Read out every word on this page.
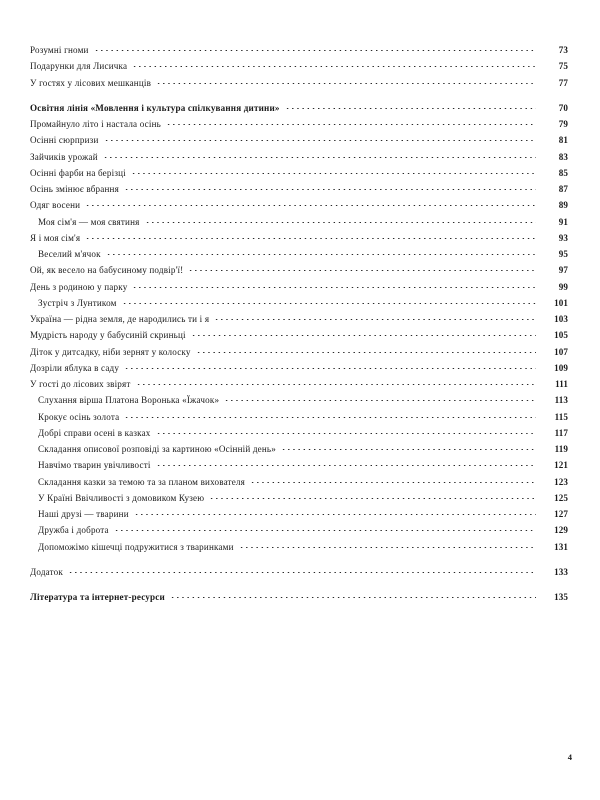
Розумні гноми	73
Подарунки для Лисичка	75
У гостях у лісових мешканців	77
Освітня лінія «Мовлення і культура спілкування дитини»	70
Промайнуло літо і настала осінь	79
Осінні сюрпризи	81
Зайчиків урожай	83
Осінні фарби на берізці	85
Осінь змінює вбрання	87
Одяг восени	89
Моя сім'я — моя святиня	91
Я і моя сім'я	93
Веселий м'ячок	95
Ой, як весело на бабусиному подвір'ї!	97
День з родиною у парку	99
Зустріч з Лунтиком	101
Україна — рідна земля, де народились ти і я	103
Мудрість народу у бабусиній скриньці	105
Діток у дитсадку, ніби зернят у колоску	107
Дозріли яблука в саду	109
У гості до лісових звірят	111
Слухання вірша Платона Воронька «Їжачок»	113
Крокує осінь золота	115
Добрі справи осені в казках	117
Складання описової розповіді за картиною «Осінній день»	119
Навчімо тварин увічливості	121
Складання казки за темою та за планом вихователя	123
У Країні Ввічливості з домовиком Кузею	125
Наші друзі — тварини	127
Дружба і доброта	129
Допоможімо кішечці подружитися з тваринками	131
Додаток	133
Література та інтернет-ресурси	135
4
